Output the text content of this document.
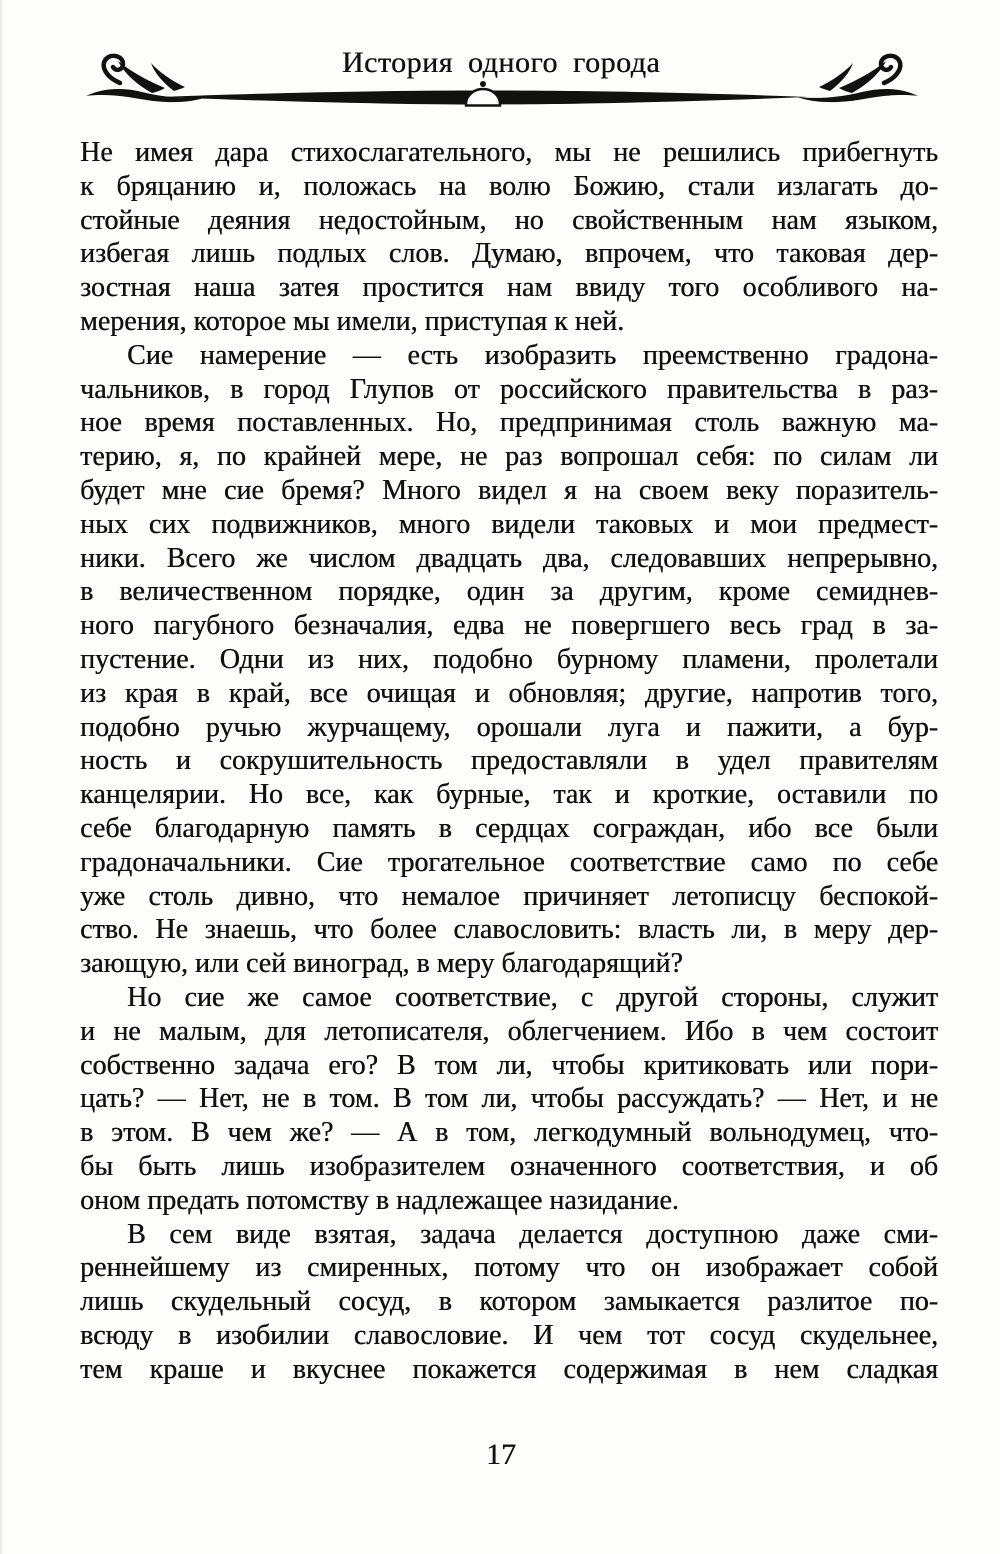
История одного города
Не имея дара стихослагательного, мы не решились прибегнуть
к бряцанию и, положась на волю Божию, стали излагать до-
стойные деяния недостойным, но свойственным нам языком,
избегая лишь подлых слов. Думаю, впрочем, что таковая дер-
зостная наша затея простится нам ввиду того особливого на-
мерения, которое мы имели, приступая к ней.
Сие намерение — есть изобразить преемственно градона-
чальников, в город Глупов от российского правительства в раз-
ное время поставленных. Но, предпринимая столь важную ма-
терию, я, по крайней мере, не раз вопрошал себя: по силам ли
будет мне сие бремя? Много видел я на своем веку поразитель-
ных сих подвижников, много видели таковых и мои предмест-
ники. Всего же числом двадцать два, следовавших непрерывно,
в величественном порядке, один за другим, кроме семиднев-
ного пагубного безначалия, едва не повергшего весь град в за-
пустение. Одни из них, подобно бурному пламени, пролетали
из края в край, все очищая и обновляя; другие, напротив того,
подобно ручью журчащему, орошали луга и пажити, а бур-
ность и сокрушительность предоставляли в удел правителям
канцелярии. Но все, как бурные, так и кроткие, оставили по
себе благодарную память в сердцах сограждан, ибо все были
градоначальники. Сие трогательное соответствие само по себе
уже столь дивно, что немалое причиняет летописцу беспокой-
ство. Не знаешь, что более славословить: власть ли, в меру дер-
зающую, или сей виноград, в меру благодарящий?
Но сие же самое соответствие, с другой стороны, служит
и не малым, для летописателя, облегчением. Ибо в чем состоит
собственно задача его? В том ли, чтобы критиковать или пори-
цать? — Нет, не в том. В том ли, чтобы рассуждать? — Нет, и не
в этом. В чем же? — А в том, легкодумный вольнодумец, что-
бы быть лишь изобразителем означенного соответствия, и об
оном предать потомству в надлежащее назидание.
В сем виде взятая, задача делается доступною даже сми-
реннейшему из смиренных, потому что он изображает собой
лишь скудельный сосуд, в котором замыкается разлитое по-
всюду в изобилии славословие. И чем тот сосуд скудельнее,
тем краше и вкуснее покажется содержимая в нем сладкая
17
